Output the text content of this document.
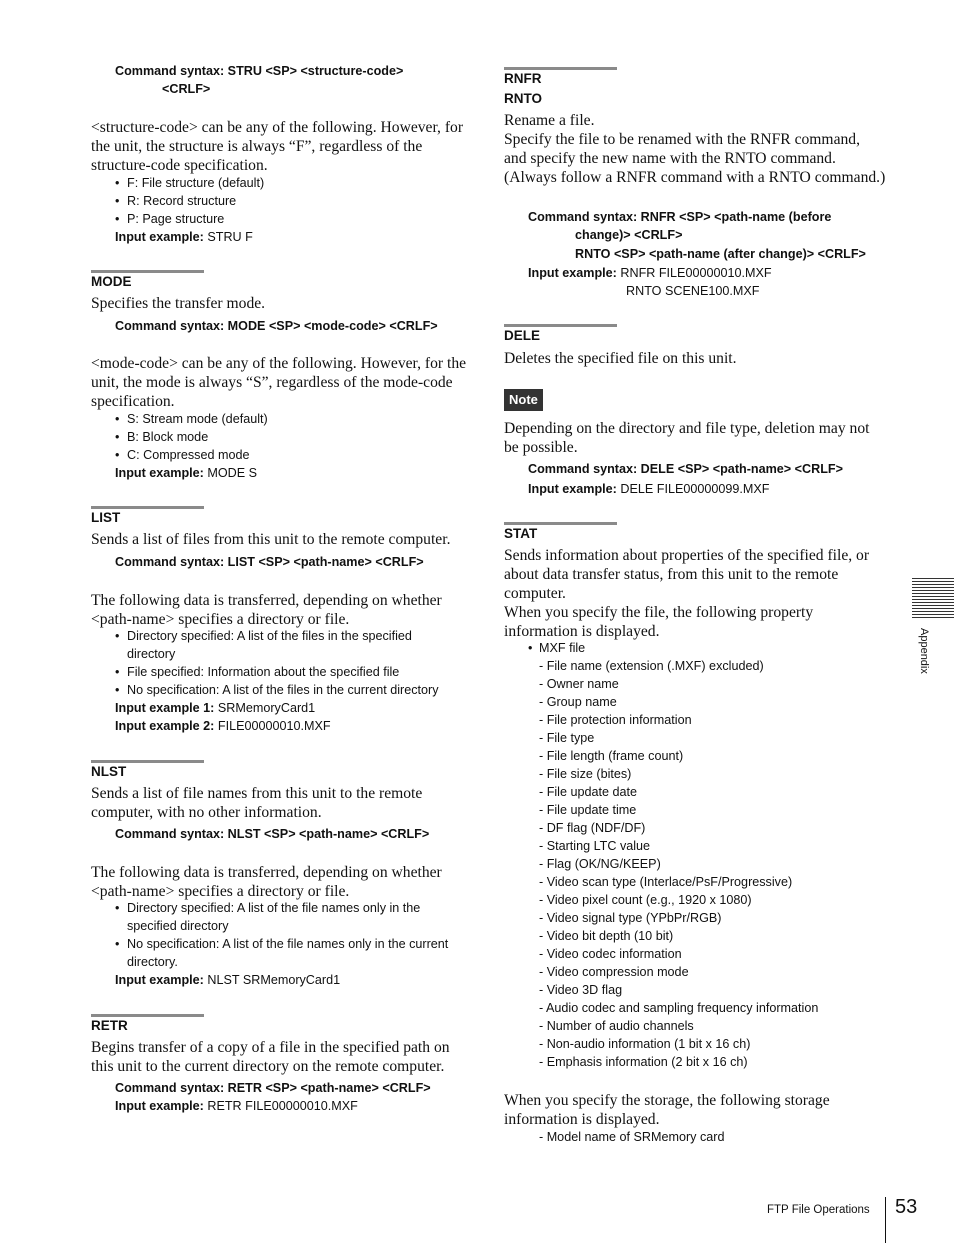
Command syntax: STRU <SP> <structure-code>
<CRLF>
<structure-code> can be any of the following. However, for the unit, the structure is always “F”, regardless of the structure-code specification.
• F: File structure (default)
• R: Record structure
• P: Page structure
Input example: STRU F
MODE
Specifies the transfer mode.
Command syntax: MODE <SP> <mode-code> <CRLF>
<mode-code> can be any of the following. However, for the unit, the mode is always “S”, regardless of the mode-code specification.
• S: Stream mode (default)
• B: Block mode
• C: Compressed mode
Input example: MODE S
LIST
Sends a list of files from this unit to the remote computer.
Command syntax: LIST <SP> <path-name> <CRLF>
The following data is transferred, depending on whether <path-name> specifies a directory or file.
• Directory specified: A list of the files in the specified
directory
• File specified: Information about the specified file
• No specification: A list of the files in the current directory
Input example 1: SRMemoryCard1
Input example 2: FILE00000010.MXF
NLST
Sends a list of file names from this unit to the remote computer, with no other information.
Command syntax: NLST <SP> <path-name> <CRLF>
The following data is transferred, depending on whether <path-name> specifies a directory or file.
• Directory specified: A list of the file names only in the
specified directory
• No specification: A list of the file names only in the current
directory.
Input example: NLST SRMemoryCard1
RETR
Begins transfer of a copy of a file in the specified path on this unit to the current directory on the remote computer.
Command syntax: RETR <SP> <path-name> <CRLF>
Input example: RETR FILE00000010.MXF
RNFR
RNTO
Rename a file.
Specify the file to be renamed with the RNFR command, and specify the new name with the RNTO command. (Always follow a RNFR command with a RNTO command.)
Command syntax: RNFR <SP> <path-name (before
change)> <CRLF>
RNTO <SP> <path-name (after change)> <CRLF>
Input example: RNFR FILE00000010.MXF
RNTO SCENE100.MXF
DELE
Deletes the specified file on this unit.
Note
Depending on the directory and file type, deletion may not be possible.
Command syntax: DELE <SP> <path-name> <CRLF>
Input example: DELE FILE00000099.MXF
STAT
Sends information about properties of the specified file, or about data transfer status, from this unit to the remote computer.
When you specify the file, the following property information is displayed.
• MXF file
- File name (extension (.MXF) excluded)
- Owner name
- Group name
- File protection information
- File type
- File length (frame count)
- File size (bites)
- File update date
- File update time
- DF flag (NDF/DF)
- Starting LTC value
- Flag (OK/NG/KEEP)
- Video scan type (Interlace/PsF/Progressive)
- Video pixel count (e.g., 1920 x 1080)
- Video signal type (YPbPr/RGB)
- Video bit depth (10 bit)
- Video codec information
- Video compression mode
- Video 3D flag
- Audio codec and sampling frequency information
- Number of audio channels
- Non-audio information (1 bit x 16 ch)
- Emphasis information (2 bit x 16 ch)
When you specify the storage, the following storage information is displayed.
- Model name of SRMemory card
Appendix
FTP File Operations 53
